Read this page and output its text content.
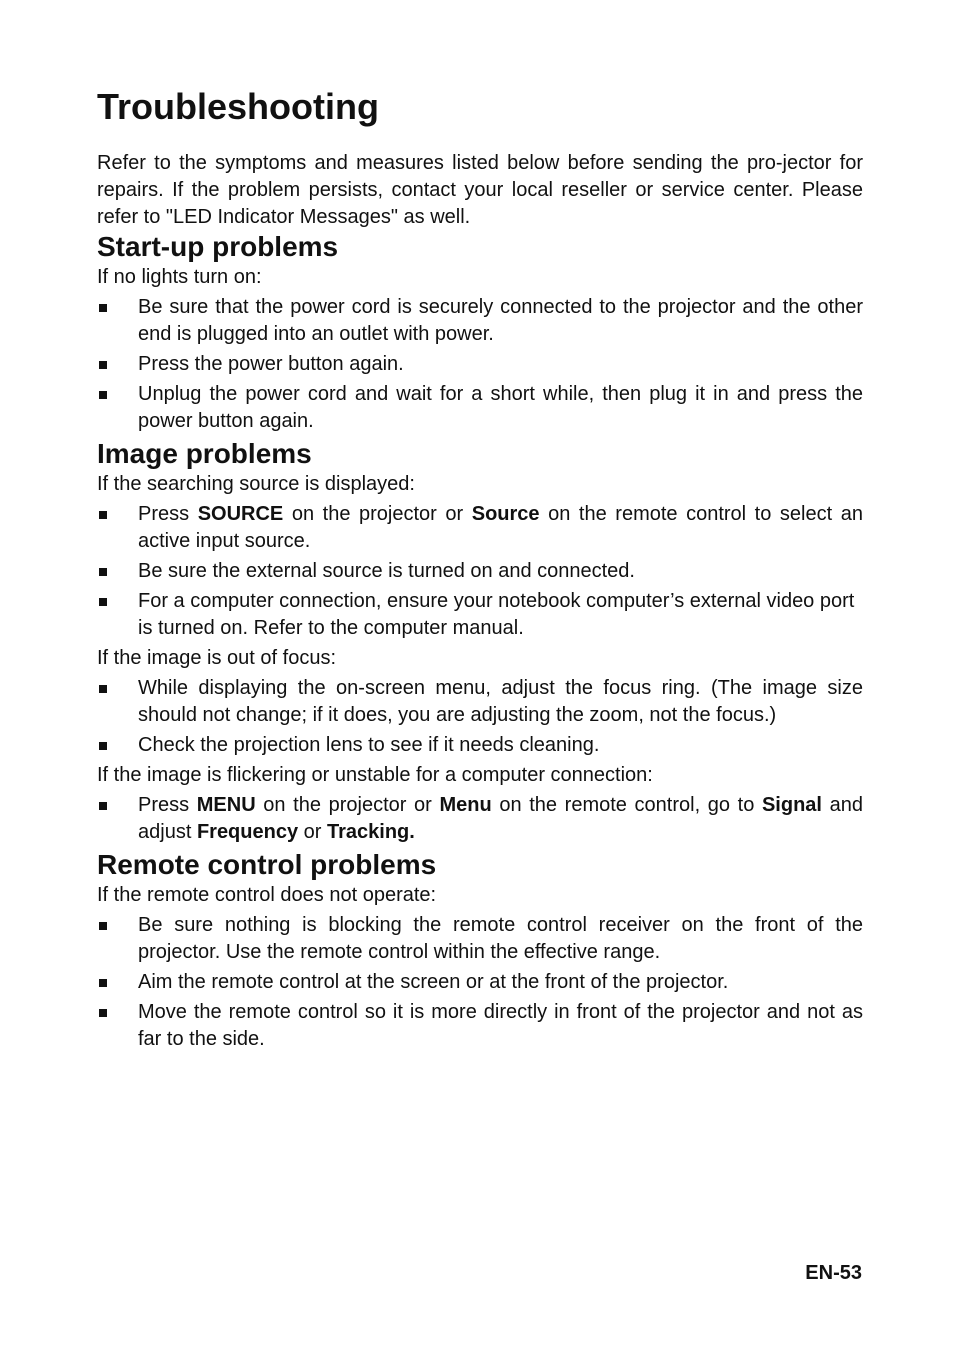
Troubleshooting

Refer to the symptoms and measures listed below before sending the pro-jector for repairs. If the problem persists, contact your local reseller or service center. Please refer to "LED Indicator Messages" as well.

Start-up problems

If no lights turn on:

Be sure that the power cord is securely connected to the projector and the other end is plugged into an outlet with power.
Press the power button again.
Unplug the power cord and wait for a short while, then plug it in and press the power button again.
Image problems

If the searching source is displayed:

Press SOURCE on the projector or Source on the remote control to select an active input source.
Be sure the external source is turned on and connected.
For a computer connection, ensure your notebook computer’s external video port is turned on. Refer to the computer manual.

If the image is out of focus:

While displaying the on-screen menu, adjust the focus ring. (The image size should not change; if it does, you are adjusting the zoom, not the focus.)
Check the projection lens to see if it needs cleaning.

If the image is flickering or unstable for a computer connection:

Press MENU on the projector or Menu on the remote control, go to Signal and adjust Frequency or Tracking.
Remote control problems

If the remote control does not operate:

Be sure nothing is blocking the remote control receiver on the front of the projector. Use the remote control within the effective range.
Aim the remote control at the screen or at the front of the projector.
Move the remote control so it is more directly in front of the projector and not as far to the side.
EN-53
